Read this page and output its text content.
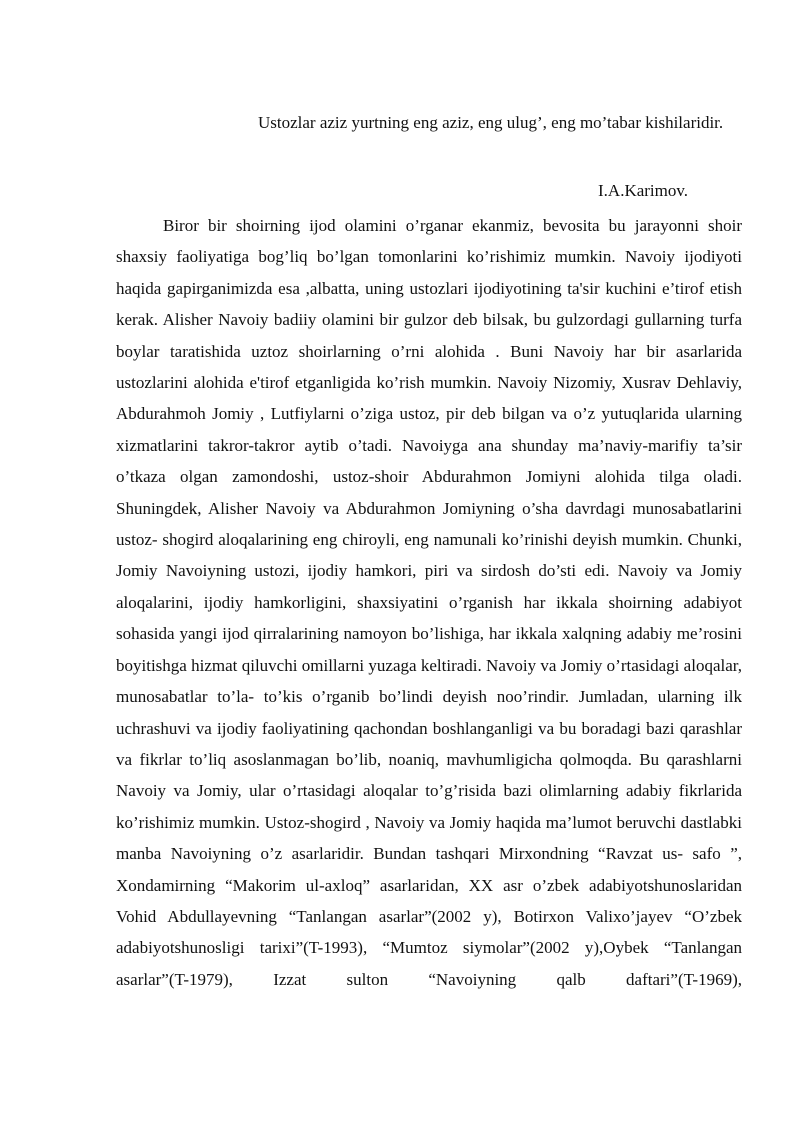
Ustozlar aziz yurtning eng aziz, eng ulug’, eng mo’tabar kishilaridir.
I.A.Karimov.

Biror bir shoirning ijod olamini o’rganar ekanmiz, bevosita bu jarayonni shoir shaxsiy faoliyatiga bog’liq bo’lgan tomonlarini ko’rishimiz mumkin. Navoiy ijodiyoti haqida gapirganimizda esa ,albatta, uning ustozlari ijodiyotining ta'sir kuchini e’tirof etish kerak. Alisher Navoiy badiiy olamini bir gulzor deb bilsak, bu gulzordagi gullarning turfa boylar taratishida uztoz shoirlarning o’rni alohida . Buni Navoiy har bir asarlarida ustozlarini alohida e'tirof etganligida ko’rish mumkin. Navoiy Nizomiy, Xusrav Dehlaviy, Abdurahmoh Jomiy , Lutfiylarni o’ziga ustoz, pir deb bilgan va o’z yutuqlarida ularning xizmatlarini takror-takror aytib o’tadi. Navoiyga ana shunday ma’naviy-marifiy ta’sir o’tkaza olgan zamondoshi, ustoz-shoir Abdurahmon Jomiyni alohida tilga oladi. Shuningdek, Alisher Navoiy va Abdurahmon Jomiyning o’sha davrdagi munosabatlarini ustoz- shogird aloqalarining eng chiroyli, eng namunali ko’rinishi deyish mumkin. Chunki, Jomiy Navoiyning ustozi, ijodiy hamkori, piri va sirdosh do’sti edi. Navoiy va Jomiy aloqalarini, ijodiy hamkorligini, shaxsiyatini o’rganish har ikkala shoirning adabiyot sohasida yangi ijod qirralarining namoyon bo’lishiga, har ikkala xalqning adabiy me’rosini boyitishga hizmat qiluvchi omillarni yuzaga keltiradi. Navoiy va Jomiy o’rtasidagi aloqalar, munosabatlar to’la- to’kis o’rganib bo’lindi deyish noo’rindir. Jumladan, ularning ilk uchrashuvi va ijodiy faoliyatining qachondan boshlanganligi va bu boradagi bazi qarashlar va fikrlar to’liq asoslanmagan bo’lib, noaniq, mavhumligicha qolmoqda. Bu qarashlarni Navoiy va Jomiy, ular o’rtasidagi aloqalar to’g’risida bazi olimlarning adabiy fikrlarida ko’rishimiz mumkin. Ustoz-shogird , Navoiy va Jomiy haqida ma’lumot beruvchi dastlabki manba Navoiyning o’z asarlaridir. Bundan tashqari Mirxondning “Ravzat us- safo ”, Xondamirning “Makorim ul-axloq” asarlaridan, XX asr o’zbek adabiyotshunoslaridan Vohid Abdullayevning “Tanlangan asarlar”(2002 y), Botirxon Valixo’jayev “O’zbek adabiyotshunosligi tarixi”(T-1993), “Mumtoz siymolar”(2002 y),Oybek “Tanlangan asarlar”(T-1979), Izzat sulton “Navoiyning qalb daftari”(T-1969),
